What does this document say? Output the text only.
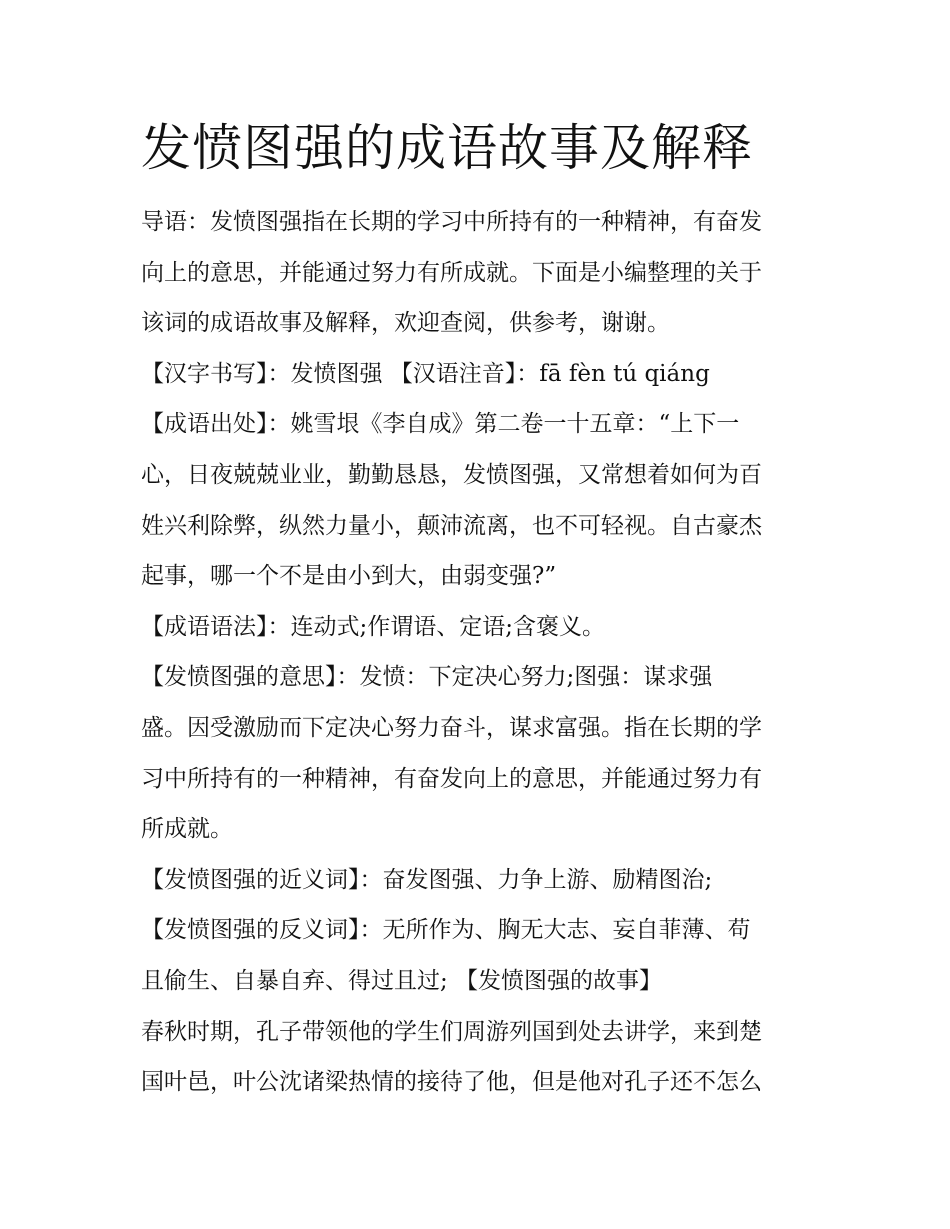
发愤图强的成语故事及解释
导语：发愤图强指在长期的学习中所持有的一种精神，有奋发
向上的意思，并能通过努力有所成就。下面是小编整理的关于
该词的成语故事及解释，欢迎查阅，供参考，谢谢。
【汉字书写】：发愤图强 【汉语注音】：fā fèn tú qiáng
【成语出处】：姚雪垠《李自成》第二卷一十五章：“上下一
心，日夜兢兢业业，勤勤恳恳，发愤图强，又常想着如何为百
姓兴利除弊，纵然力量小，颠沛流离，也不可轻视。自古豪杰
起事，哪一个不是由小到大，由弱变强?”
【成语语法】：连动式;作谓语、定语;含褒义。
【发愤图强的意思】：发愤：下定决心努力;图强：谋求强
盛。因受激励而下定决心努力奋斗，谋求富强。指在长期的学
习中所持有的一种精神，有奋发向上的意思，并能通过努力有
所成就。
【发愤图强的近义词】：奋发图强、力争上游、励精图治;
【发愤图强的反义词】：无所作为、胸无大志、妄自菲薄、苟
且偷生、自暴自弃、得过且过; 【发愤图强的故事】
春秋时期，孔子带领他的学生们周游列国到处去讲学，来到楚
国叶邑，叶公沈诸梁热情的接待了他，但是他对孔子还不怎么
